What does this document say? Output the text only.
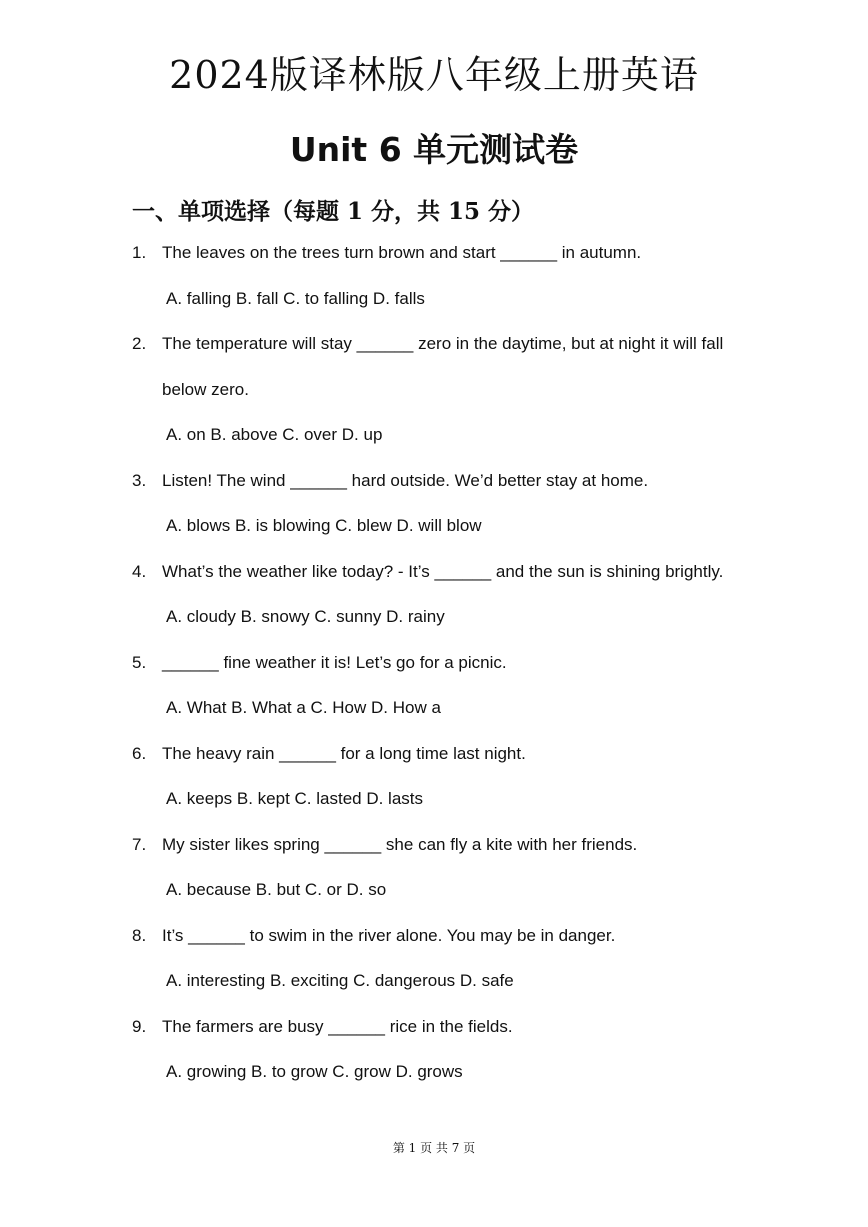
2024版译林版八年级上册英语
Unit 6 单元测试卷
一、单项选择（每题 1 分，共 15 分）
1. The leaves on the trees turn brown and start ______ in autumn.
A. falling B. fall C. to falling D. falls
2. The temperature will stay ______ zero in the daytime, but at night it will fall
below zero.
A. on B. above C. over D. up
3. Listen! The wind ______ hard outside. We’d better stay at home.
A. blows B. is blowing C. blew D. will blow
4. What’s the weather like today? - It’s ______ and the sun is shining brightly.
A. cloudy B. snowy C. sunny D. rainy
5. ______ fine weather it is! Let’s go for a picnic.
A. What B. What a C. How D. How a
6. The heavy rain ______ for a long time last night.
A. keeps B. kept C. lasted D. lasts
7. My sister likes spring ______ she can fly a kite with her friends.
A. because B. but C. or D. so
8. It’s ______ to swim in the river alone. You may be in danger.
A. interesting B. exciting C. dangerous D. safe
9. The farmers are busy ______ rice in the fields.
A. growing B. to grow C. grow D. grows
第 1 页 共 7 页
